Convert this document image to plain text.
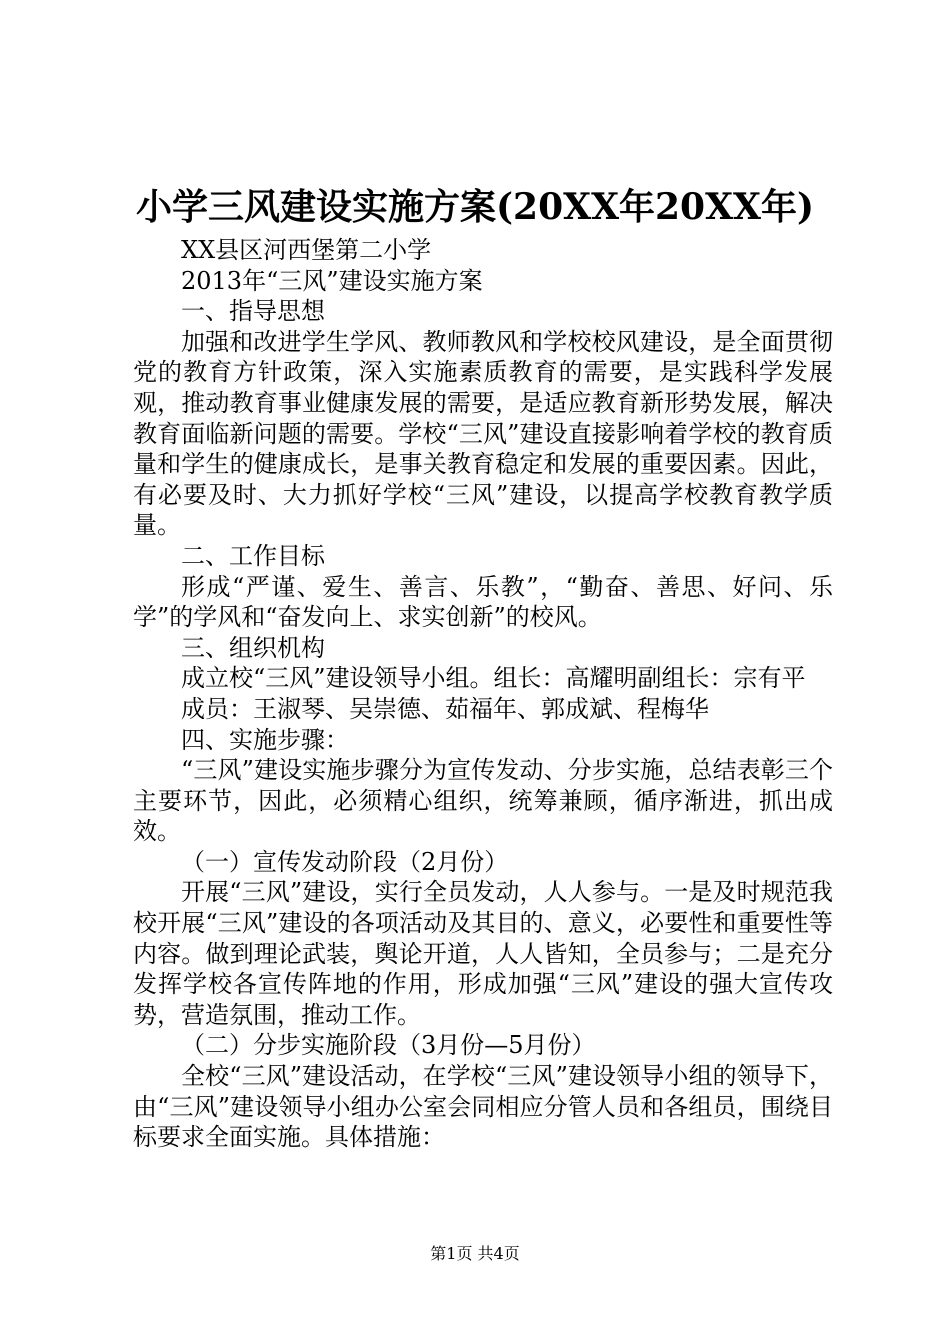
小学三风建设实施方案(20XX年20XX年)

XX县区河西堡第二小学

2013年“三风”建设实施方案

一、指导思想

加强和改进学生学风、教师教风和学校校风建设，是全面贯彻党的教育方针政策，深入实施素质教育的需要，是实践科学发展观，推动教育事业健康发展的需要，是适应教育新形势发展，解决教育面临新问题的需要。学校“三风”建设直接影响着学校的教育质量和学生的健康成长，是事关教育稳定和发展的重要因素。因此，有必要及时、大力抓好学校“三风”建设，以提高学校教育教学质量。

二、工作目标

形成“严谨、爱生、善言、乐教”，“勤奋、善思、好问、乐学”的学风和“奋发向上、求实创新”的校风。

三、组织机构

成立校“三风”建设领导小组。组长：高耀明副组长：宗有平

成员：王淑琴、吴崇德、茹福年、郭成斌、程梅华

四、实施步骤：

“三风”建设实施步骤分为宣传发动、分步实施，总结表彰三个主要环节，因此，必须精心组织，统筹兼顾，循序渐进，抓出成效。

（一）宣传发动阶段（2月份）

开展“三风”建设，实行全员发动，人人参与。一是及时规范我校开展“三风”建设的各项活动及其目的、意义，必要性和重要性等内容。做到理论武装，舆论开道，人人皆知，全员参与；二是充分发挥学校各宣传阵地的作用，形成加强“三风”建设的强大宣传攻势，营造氛围，推动工作。

（二）分步实施阶段（3月份—5月份）

全校“三风”建设活动，在学校“三风”建设领导小组的领导下，由“三风”建设领导小组办公室会同相应分管人员和各组员，围绕目标要求全面实施。具体措施：

第1页 共4页
